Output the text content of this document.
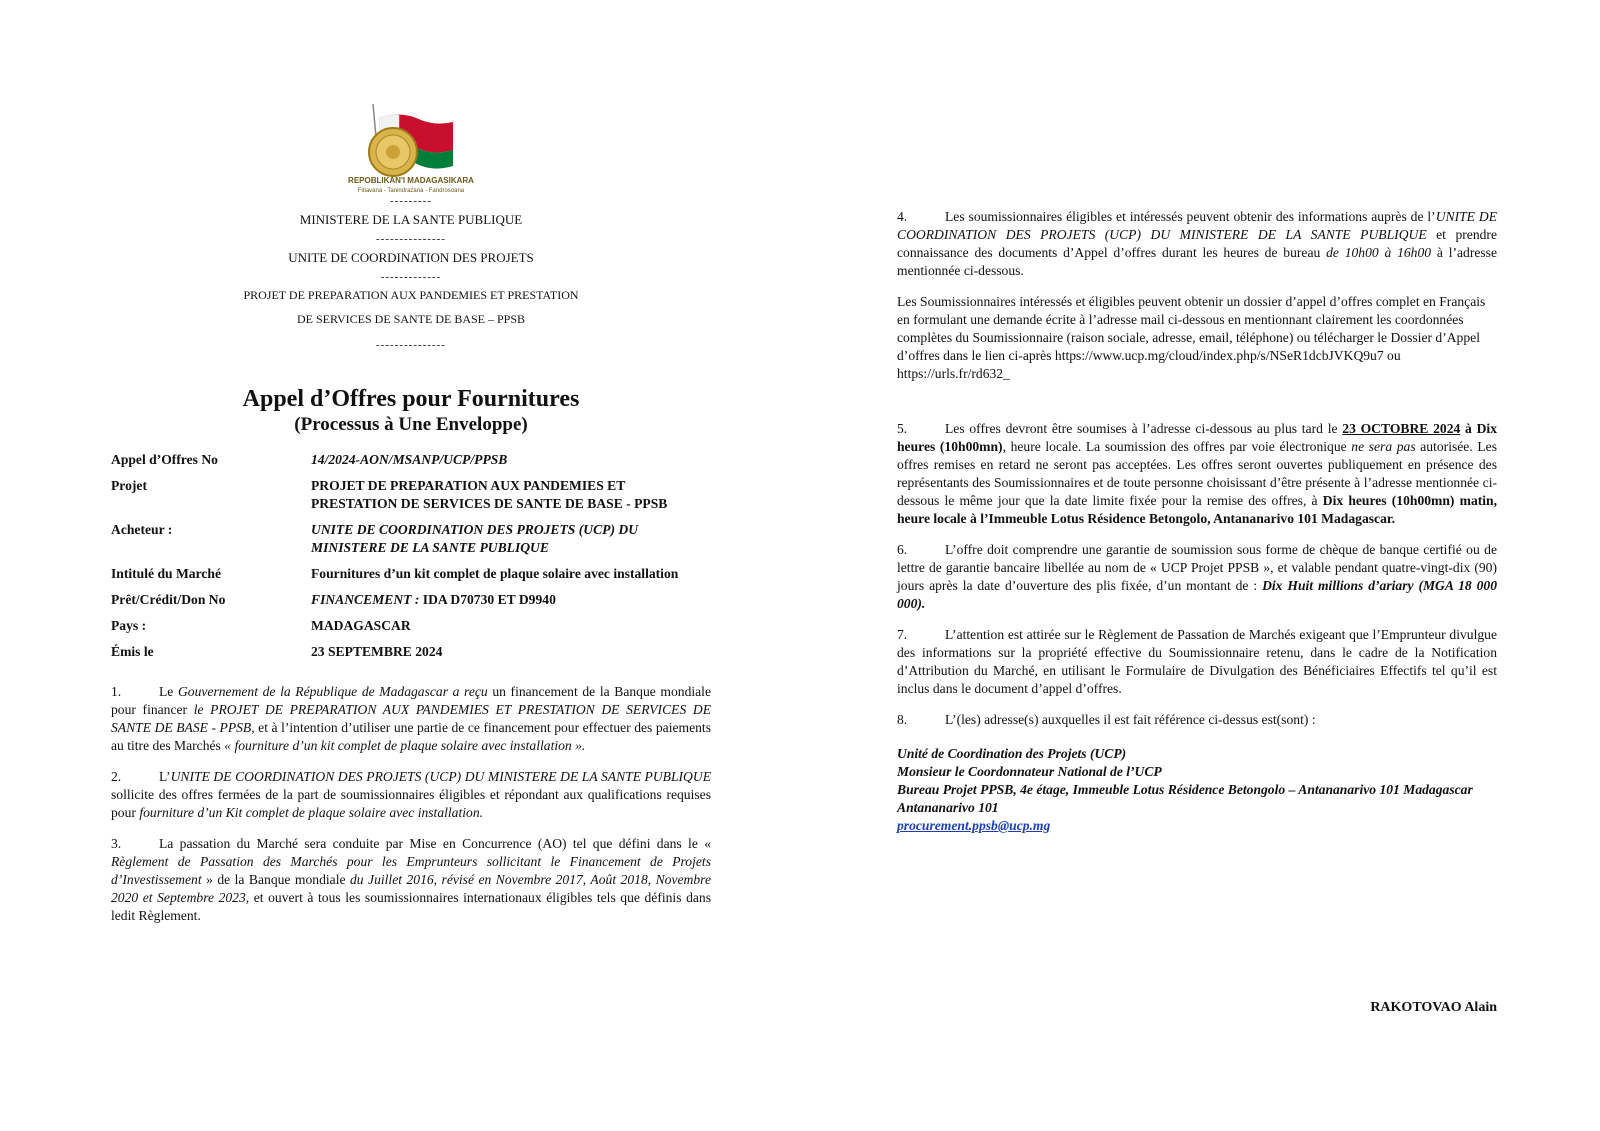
REPOBLIKAN'I MADAGASIKARA
Fitiavana - Tanindrazana - Fandrosoana

---------

MINISTERE DE LA SANTE PUBLIQUE

---------------

UNITE DE COORDINATION DES PROJETS

-------------

PROJET DE PREPARATION AUX PANDEMIES ET PRESTATION

DE SERVICES DE SANTE DE BASE – PPSB

---------------

Appel d’Offres pour Fournitures
(Processus à Une Enveloppe)
Appel d’Offres No	14/2024-AON/MSANP/UCP/PPSB
Projet	PROJET DE PREPARATION AUX PANDEMIES ET PRESTATION DE SERVICES DE SANTE DE BASE - PPSB
Acheteur :	UNITE DE COORDINATION DES PROJETS (UCP) DU MINISTERE DE LA SANTE PUBLIQUE
Intitulé du Marché	Fournitures d’un kit complet de plaque solaire avec installation
Prêt/Crédit/Don No	FINANCEMENT : IDA D70730 ET D9940
Pays :	MADAGASCAR
Émis le	23 SEPTEMBRE 2024

1.	Le Gouvernement de la République de Madagascar a reçu un financement de la Banque mondiale pour financer le PROJET DE PREPARATION AUX PANDEMIES ET PRESTATION DE SERVICES DE SANTE DE BASE - PPSB, et à l’intention d’utiliser une partie de ce financement pour effectuer des paiements au titre des Marchés « fourniture d’un kit complet de plaque solaire avec installation ».

2.	L’UNITE DE COORDINATION DES PROJETS (UCP) DU MINISTERE DE LA SANTE PUBLIQUE sollicite des offres fermées de la part de soumissionnaires éligibles et répondant aux qualifications requises pour fourniture d’un Kit complet de plaque solaire avec installation.

3.	La passation du Marché sera conduite par Mise en Concurrence (AO) tel que défini dans le « Règlement de Passation des Marchés pour les Emprunteurs sollicitant le Financement de Projets d’Investissement » de la Banque mondiale du Juillet 2016, révisé en Novembre 2017, Août 2018, Novembre 2020 et Septembre 2023, et ouvert à tous les soumissionnaires internationaux éligibles tels que définis dans ledit Règlement.

4.	Les soumissionnaires éligibles et intéressés peuvent obtenir des informations auprès de l’UNITE DE COORDINATION DES PROJETS (UCP) DU MINISTERE DE LA SANTE PUBLIQUE et prendre connaissance des documents d’Appel d’offres durant les heures de bureau de 10h00 à 16h00 à l’adresse mentionnée ci-dessous.

Les Soumissionnaires intéressés et éligibles peuvent obtenir un dossier d’appel d’offres complet en Français en formulant une demande écrite à l’adresse mail ci-dessous en mentionnant clairement les coordonnées complètes du Soumissionnaire (raison sociale, adresse, email, téléphone) ou télécharger le Dossier d’Appel d’offres dans le lien ci-après https://www.ucp.mg/cloud/index.php/s/NSeR1dcbJVKQ9u7 ou https://urls.fr/rd632_

5.	Les offres devront être soumises à l’adresse ci-dessous au plus tard le 23 OCTOBRE 2024 à Dix heures (10h00mn), heure locale. La soumission des offres par voie électronique ne sera pas autorisée. Les offres remises en retard ne seront pas acceptées. Les offres seront ouvertes publiquement en présence des représentants des Soumissionnaires et de toute personne choisissant d’être présente à l’adresse mentionnée ci-dessous le même jour que la date limite fixée pour la remise des offres, à Dix heures (10h00mn) matin, heure locale à l’Immeuble Lotus Résidence Betongolo, Antananarivo 101 Madagascar.

6.	L’offre doit comprendre une garantie de soumission sous forme de chèque de banque certifié ou de lettre de garantie bancaire libellée au nom de « UCP Projet PPSB », et valable pendant quatre-vingt-dix (90) jours après la date d’ouverture des plis fixée, d’un montant de : Dix Huit millions d’ariary (MGA 18 000 000).

7.	L’attention est attirée sur le Règlement de Passation de Marchés exigeant que l’Emprunteur divulgue des informations sur la propriété effective du Soumissionnaire retenu, dans le cadre de la Notification d’Attribution du Marché, en utilisant le Formulaire de Divulgation des Bénéficiaires Effectifs tel qu’il est inclus dans le document d’appel d’offres.

8.	L’(les) adresse(s) auxquelles il est fait référence ci-dessus est(sont) :

Unité de Coordination des Projets (UCP)
Monsieur le Coordonnateur National de l’UCP
Bureau Projet PPSB, 4e étage, Immeuble Lotus Résidence Betongolo – Antananarivo 101 Madagascar
Antananarivo 101
procurement.ppsb@ucp.mg
RAKOTOVAO Alain
